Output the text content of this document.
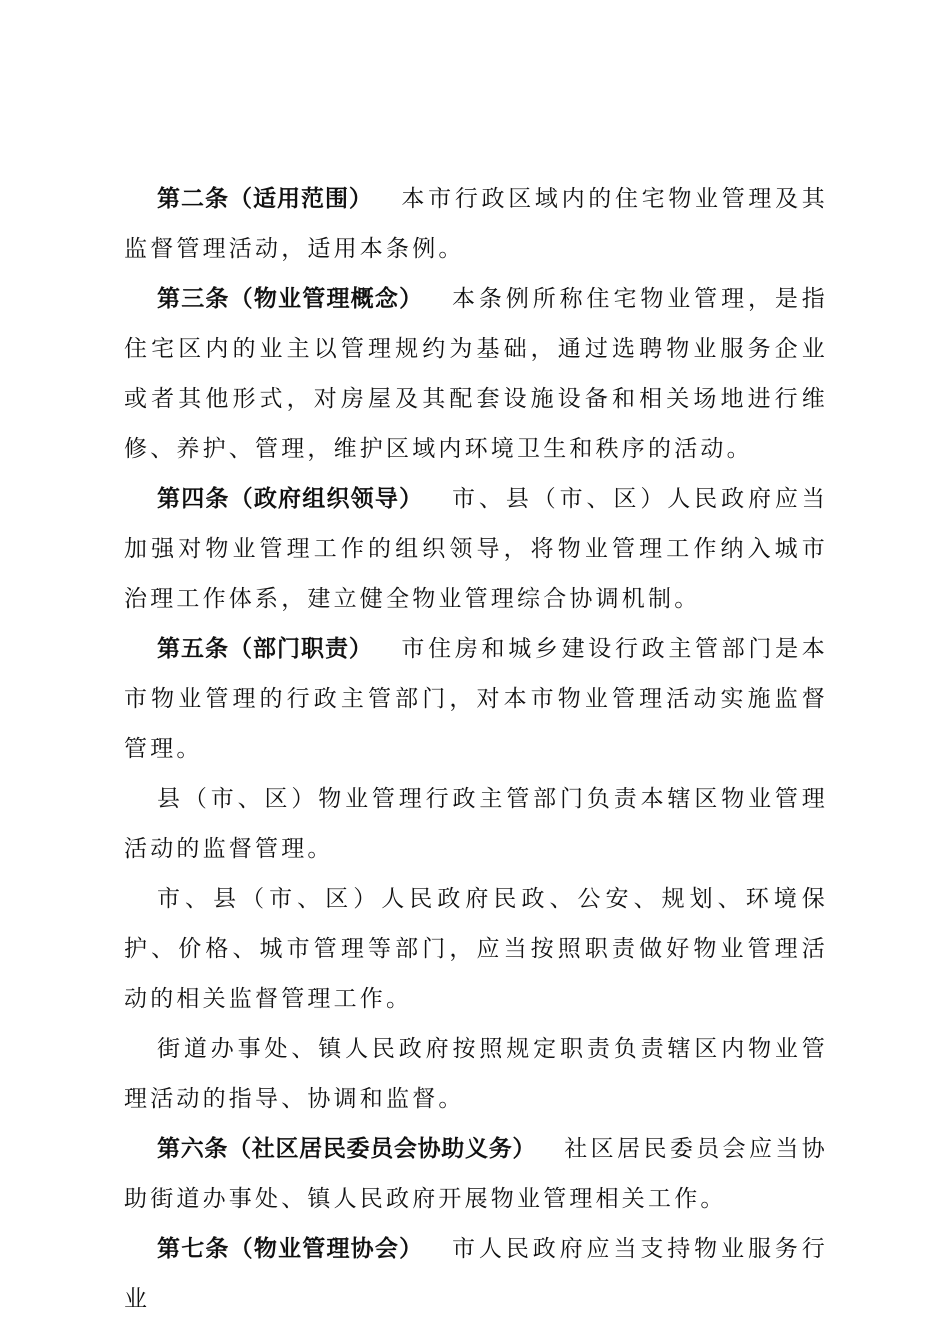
第二条（适用范围） 本市行政区域内的住宅物业管理及其监督管理活动，适用本条例。

第三条（物业管理概念） 本条例所称住宅物业管理，是指住宅区内的业主以管理规约为基础，通过选聘物业服务企业或者其他形式，对房屋及其配套设施设备和相关场地进行维修、养护、管理，维护区域内环境卫生和秩序的活动。

第四条（政府组织领导） 市、县（市、区）人民政府应当加强对物业管理工作的组织领导，将物业管理工作纳入城市治理工作体系，建立健全物业管理综合协调机制。

第五条（部门职责） 市住房和城乡建设行政主管部门是本市物业管理的行政主管部门，对本市物业管理活动实施监督管理。

县（市、区）物业管理行政主管部门负责本辖区物业管理活动的监督管理。

市、县（市、区）人民政府民政、公安、规划、环境保护、价格、城市管理等部门，应当按照职责做好物业管理活动的相关监督管理工作。

街道办事处、镇人民政府按照规定职责负责辖区内物业管理活动的指导、协调和监督。

第六条（社区居民委员会协助义务） 社区居民委员会应当协助街道办事处、镇人民政府开展物业管理相关工作。

第七条（物业管理协会） 市人民政府应当支持物业服务行业
